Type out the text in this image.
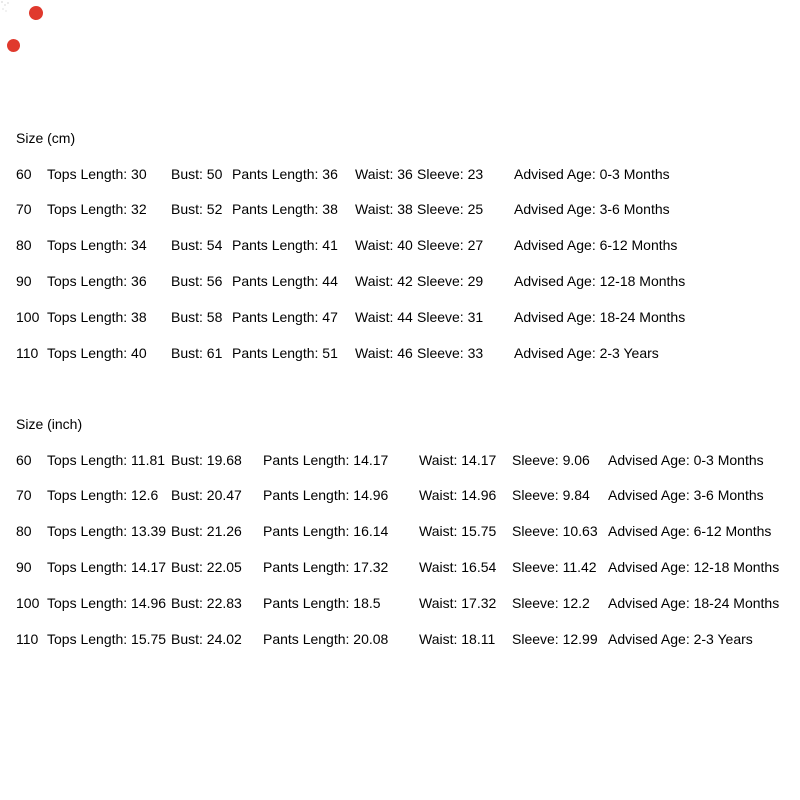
Size (cm)
60 Tops Length: 30 Bust: 50 Pants Length: 36 Waist: 36 Sleeve: 23 Advised Age: 0-3 Months
70 Tops Length: 32 Bust: 52 Pants Length: 38 Waist: 38 Sleeve: 25 Advised Age: 3-6 Months
80 Tops Length: 34 Bust: 54 Pants Length: 41 Waist: 40 Sleeve: 27 Advised Age: 6-12 Months
90 Tops Length: 36 Bust: 56 Pants Length: 44 Waist: 42 Sleeve: 29 Advised Age: 12-18 Months
100 Tops Length: 38 Bust: 58 Pants Length: 47 Waist: 44 Sleeve: 31 Advised Age: 18-24 Months
110 Tops Length: 40 Bust: 61 Pants Length: 51 Waist: 46 Sleeve: 33 Advised Age: 2-3 Years
Size (inch)
60 Tops Length: 11.81 Bust: 19.68 Pants Length: 14.17 Waist: 14.17 Sleeve: 9.06 Advised Age: 0-3 Months
70 Tops Length: 12.6 Bust: 20.47 Pants Length: 14.96 Waist: 14.96 Sleeve: 9.84 Advised Age: 3-6 Months
80 Tops Length: 13.39 Bust: 21.26 Pants Length: 16.14 Waist: 15.75 Sleeve: 10.63 Advised Age: 6-12 Months
90 Tops Length: 14.17 Bust: 22.05 Pants Length: 17.32 Waist: 16.54 Sleeve: 11.42 Advised Age: 12-18 Months
100 Tops Length: 14.96 Bust: 22.83 Pants Length: 18.5	Waist: 17.32 Sleeve: 12.2 Advised Age: 18-24 Months
110 Tops Length: 15.75 Bust: 24.02 Pants Length: 20.08 Waist: 18.11 Sleeve: 12.99 Advised Age: 2-3 Years
